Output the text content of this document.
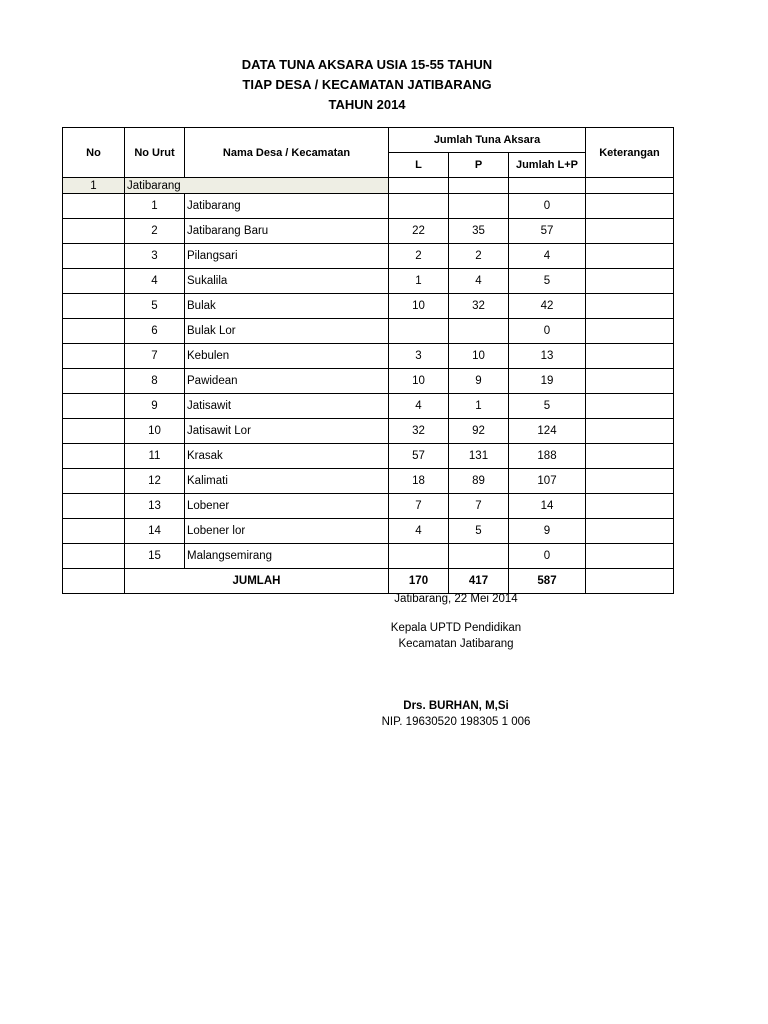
DATA TUNA AKSARA USIA 15-55 TAHUN
TIAP DESA / KECAMATAN JATIBARANG
TAHUN 2014
No	No Urut	Nama Desa / Kecamatan	Jumlah Tuna Aksara			Keterangan
			L	P	Jumlah L+P	
1	Jatibarang					
	1	Jatibarang			0	
	2	Jatibarang Baru	22	35	57	
	3	Pilangsari	2	2	4	
	4	Sukalila	1	4	5	
	5	Bulak	10	32	42	
	6	Bulak Lor			0	
	7	Kebulen	3	10	13	
	8	Pawidean	10	9	19	
	9	Jatisawit	4	1	5	
	10	Jatisawit Lor	32	92	124	
	11	Krasak	57	131	188	
	12	Kalimati	18	89	107	
	13	Lobener	7	7	14	
	14	Lobener lor	4	5	9	
	15	Malangsemirang			0	
	JUMLAH		170	417	587	
Jatibarang, 22 Mei 2014
Kepala UPTD Pendidikan
Kecamatan Jatibarang
Drs. BURHAN, M,Si
NIP. 19630520 198305 1 006
